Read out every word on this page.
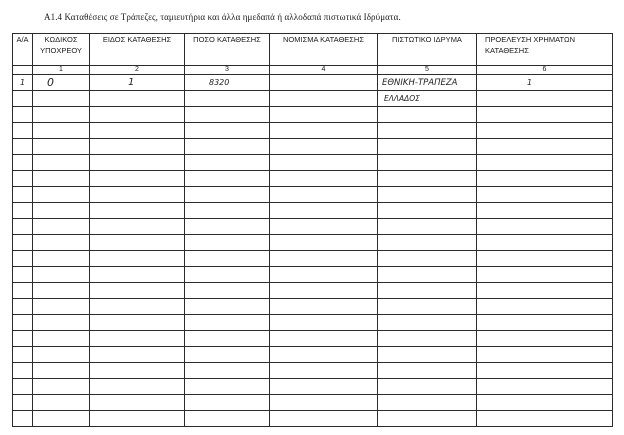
Α1.4 Καταθέσεις σε Τράπεζες, ταμιευτήρια και άλλα ημεδαπά ή αλλοδαπά πιστωτικά Ιδρύματα.
Α/Α	ΚΩΔΙΚΟΣ ΥΠΟΧΡΕΟΥ	ΕΙΔΟΣ ΚΑΤΑΘΕΣΗΣ	ΠΟΣΟ ΚΑΤΑΘΕΣΗΣ	ΝΟΜΙΣΜΑ ΚΑΤΑΘΕΣΗΣ	ΠΙΣΤΩΤΙΚΟ ΙΔΡΥΜΑ	ΠΡΟΕΛΕΥΣΗ ΧΡΗΜΑΤΩΝ ΚΑΤΑΘΕΣΗΣ
	1	2	3	4	5	6
1	0	1	8320		ΕΘΝΙΚΗ-ΤΡΑΠΕΖΑ	1
					ΕΛΛΑΔΟΣ	
